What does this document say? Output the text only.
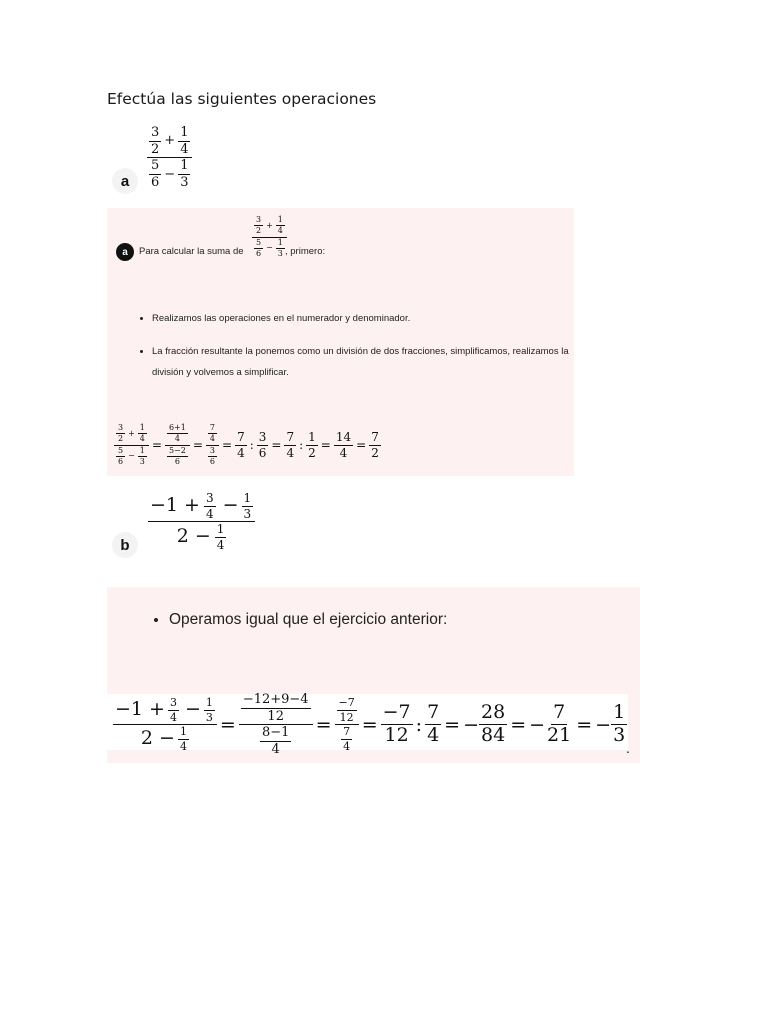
Efectúa las siguientes operaciones
a	$\frac{\frac{3}{2} + \frac{1}{4}}{\frac{5}{6} - \frac{1}{3}}$
a	Para calcular la suma de $\frac{\frac{3}{2} + \frac{1}{4}}{\frac{5}{6} - \frac{1}{3}}$
, primero:
• Realizamos las operaciones en el numerador y denominador.
• La fracción resultante la ponemos como un división de dos fracciones, simplificamos, realizamos la división y volvemos a simplificar.
$\frac{\frac{3}{2} + \frac{1}{4}}{\frac{5}{6} - \frac{1}{3}} = \frac{\frac{6+1}{4}}{\frac{5-2}{6}} = \frac{\frac{7}{4}}{\frac{3}{6}} = \frac{7}{4}$ : $\frac{3}{6} = \frac{7}{4}$ : $\frac{1}{2} = \frac{14}{4} = \frac{7}{2}$
b $\frac{-1 + \frac{3}{4} - \frac{1}{3}}{2 - \frac{1}{4}}$
• Operamos igual que el ejercicio anterior:
$\frac{-1 + \frac{3}{4} - \frac{1}{3}}{2 - \frac{1}{4}} = \frac{\frac{-12+9-4}{12}}{\frac{8-1}{4}} = \frac{\frac{-7}{12}}{\frac{7}{4}} = \frac{-7}{12}$ : $\frac{7}{4}$ = − $\frac{28}{84}$ = − $\frac{7}{21}$ = − $\frac{1}{3}$
.
